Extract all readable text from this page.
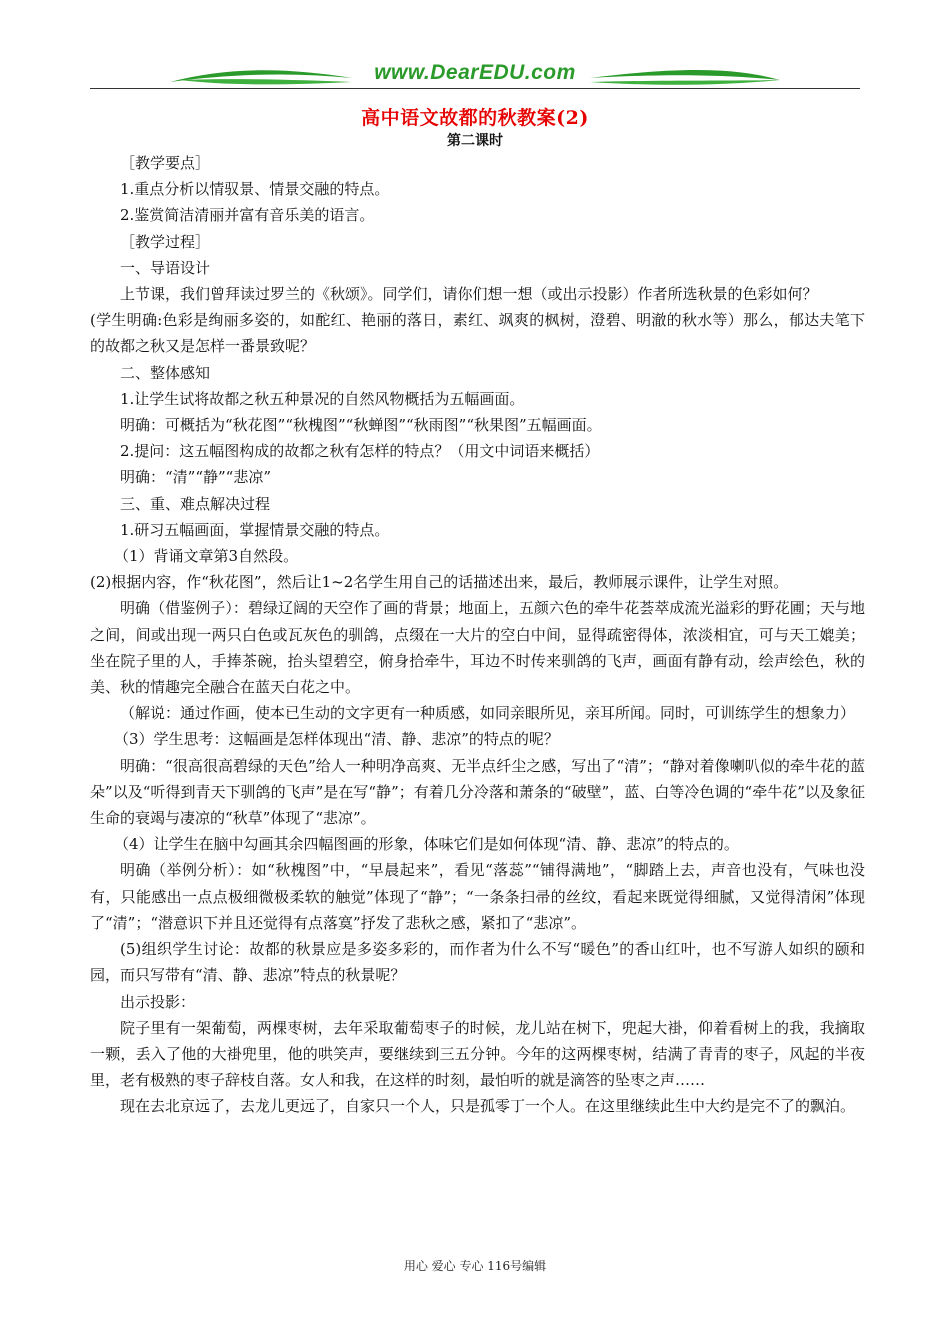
www.DearEDU.com
高中语文故都的秋教案(2)
第二课时

［教学要点］

1.重点分析以情驭景、情景交融的特点。

2.鉴赏简洁清丽并富有音乐美的语言。

［教学过程］

一、导语设计

上节课，我们曾拜读过罗兰的《秋颂》。同学们，请你们想一想（或出示投影）作者所选秋景的色彩如何？

(学生明确:色彩是绚丽多姿的，如酡红、艳丽的落日，素红、飒爽的枫树，澄碧、明澈的秋水等）那么，郁达夫笔下的故都之秋又是怎样一番景致呢？

二、整体感知

1.让学生试将故都之秋五种景况的自然风物概括为五幅画面。

明确：可概括为“秋花图”“秋槐图”“秋蝉图”“秋雨图”“秋果图”五幅画面。

2.提问：这五幅图构成的故都之秋有怎样的特点？（用文中词语来概括）

明确：“清”“静”“悲凉”

三、重、难点解决过程

1.研习五幅画面，掌握情景交融的特点。

（1）背诵文章第3自然段。

(2)根据内容，作“秋花图”，然后让1~2名学生用自己的话描述出来，最后，教师展示课件，让学生对照。

明确（借鉴例子）：碧绿辽阔的天空作了画的背景；地面上，五颜六色的牵牛花荟萃成流光溢彩的野花圃；天与地之间，间或出现一两只白色或瓦灰色的驯鸽，点缀在一大片的空白中间，显得疏密得体，浓淡相宜，可与天工媲美；坐在院子里的人，手捧茶碗，抬头望碧空，俯身拾牵牛，耳边不时传来驯鸽的飞声，画面有静有动，绘声绘色，秋的美、秋的情趣完全融合在蓝天白花之中。

（解说：通过作画，使本已生动的文字更有一种质感，如同亲眼所见，亲耳所闻。同时，可训练学生的想象力）

（3）学生思考：这幅画是怎样体现出“清、静、悲凉”的特点的呢？

明确：“很高很高碧绿的天色”给人一种明净高爽、无半点纤尘之感，写出了“清”；“静对着像喇叭似的牵牛花的蓝朵”以及“听得到青天下驯鸽的飞声”是在写“静”；有着几分冷落和萧条的“破壁”，蓝、白等冷色调的“牵牛花”以及象征生命的衰竭与凄凉的“秋草”体现了“悲凉”。

（4）让学生在脑中勾画其余四幅图画的形象，体味它们是如何体现“清、静、悲凉”的特点的。

明确（举例分析）：如“秋槐图”中，“早晨起来”，看见“落蕊”“铺得满地”，“脚踏上去，声音也没有，气味也没有，只能感出一点点极细微极柔软的触觉”体现了“静”；“一条条扫帚的丝纹，看起来既觉得细腻，又觉得清闲”体现了“清”；“潜意识下并且还觉得有点落寞”抒发了悲秋之感，紧扣了“悲凉”。

(5)组织学生讨论：故都的秋景应是多姿多彩的，而作者为什么不写“暖色”的香山红叶，也不写游人如织的颐和园，而只写带有“清、静、悲凉”特点的秋景呢？

出示投影：

院子里有一架葡萄，两棵枣树，去年采取葡萄枣子的时候，龙儿站在树下，兜起大褂，仰着看树上的我，我摘取一颗，丢入了他的大褂兜里，他的哄笑声，要继续到三五分钟。今年的这两棵枣树，结满了青青的枣子，风起的半夜里，老有极熟的枣子辞枝自落。女人和我，在这样的时刻，最怕听的就是滴答的坠枣之声……

现在去北京远了，去龙儿更远了，自家只一个人，只是孤零丁一个人。在这里继续此生中大约是完不了的飘泊。

用心 爱心 专心 116号编辑
